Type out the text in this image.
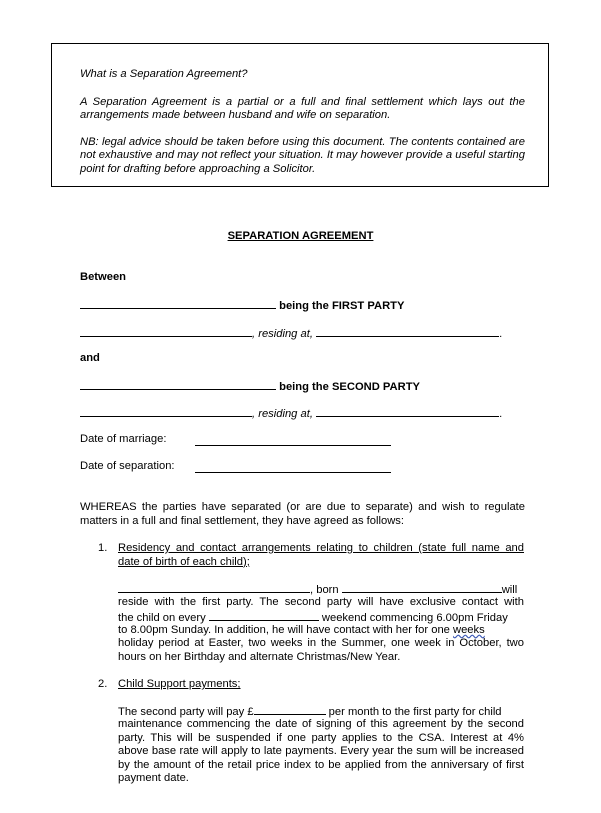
What is a Separation Agreement?

A Separation Agreement is a partial or a full and final settlement which lays out the arrangements made between husband and wife on separation.

NB: legal advice should be taken before using this document. The contents contained are not exhaustive and may not reflect your situation. It may however provide a useful starting point for drafting before approaching a Solicitor.

SEPARATION AGREEMENT
Between
being the FIRST PARTY
, residing at,	.
and
being the SECOND PARTY
, residing at,	.
Date of marriage:
Date of separation:
WHEREAS the parties have separated (or are due to separate) and wish to regulate matters in a full and final settlement, they have agreed as follows:
1. Residency and contact arrangements relating to children (state full name and date of birth of each child);
, born	will
reside with the first party. The second party will have exclusive contact with
the child on every	weekend commencing 6.00pm Friday
to 8.00pm Sunday. In addition, he will have contact with her for one weeks
holiday period at Easter, two weeks in the Summer, one week in October, two
hours on her Birthday and alternate Christmas/New Year.
2. Child Support payments;
The second party will pay £	per month to the first party for child
maintenance commencing the date of signing of this agreement by the second party. This will be suspended if one party applies to the CSA. Interest at 4% above base rate will apply to late payments. Every year the sum will be increased by the amount of the retail price index to be applied from the anniversary of first payment date.
